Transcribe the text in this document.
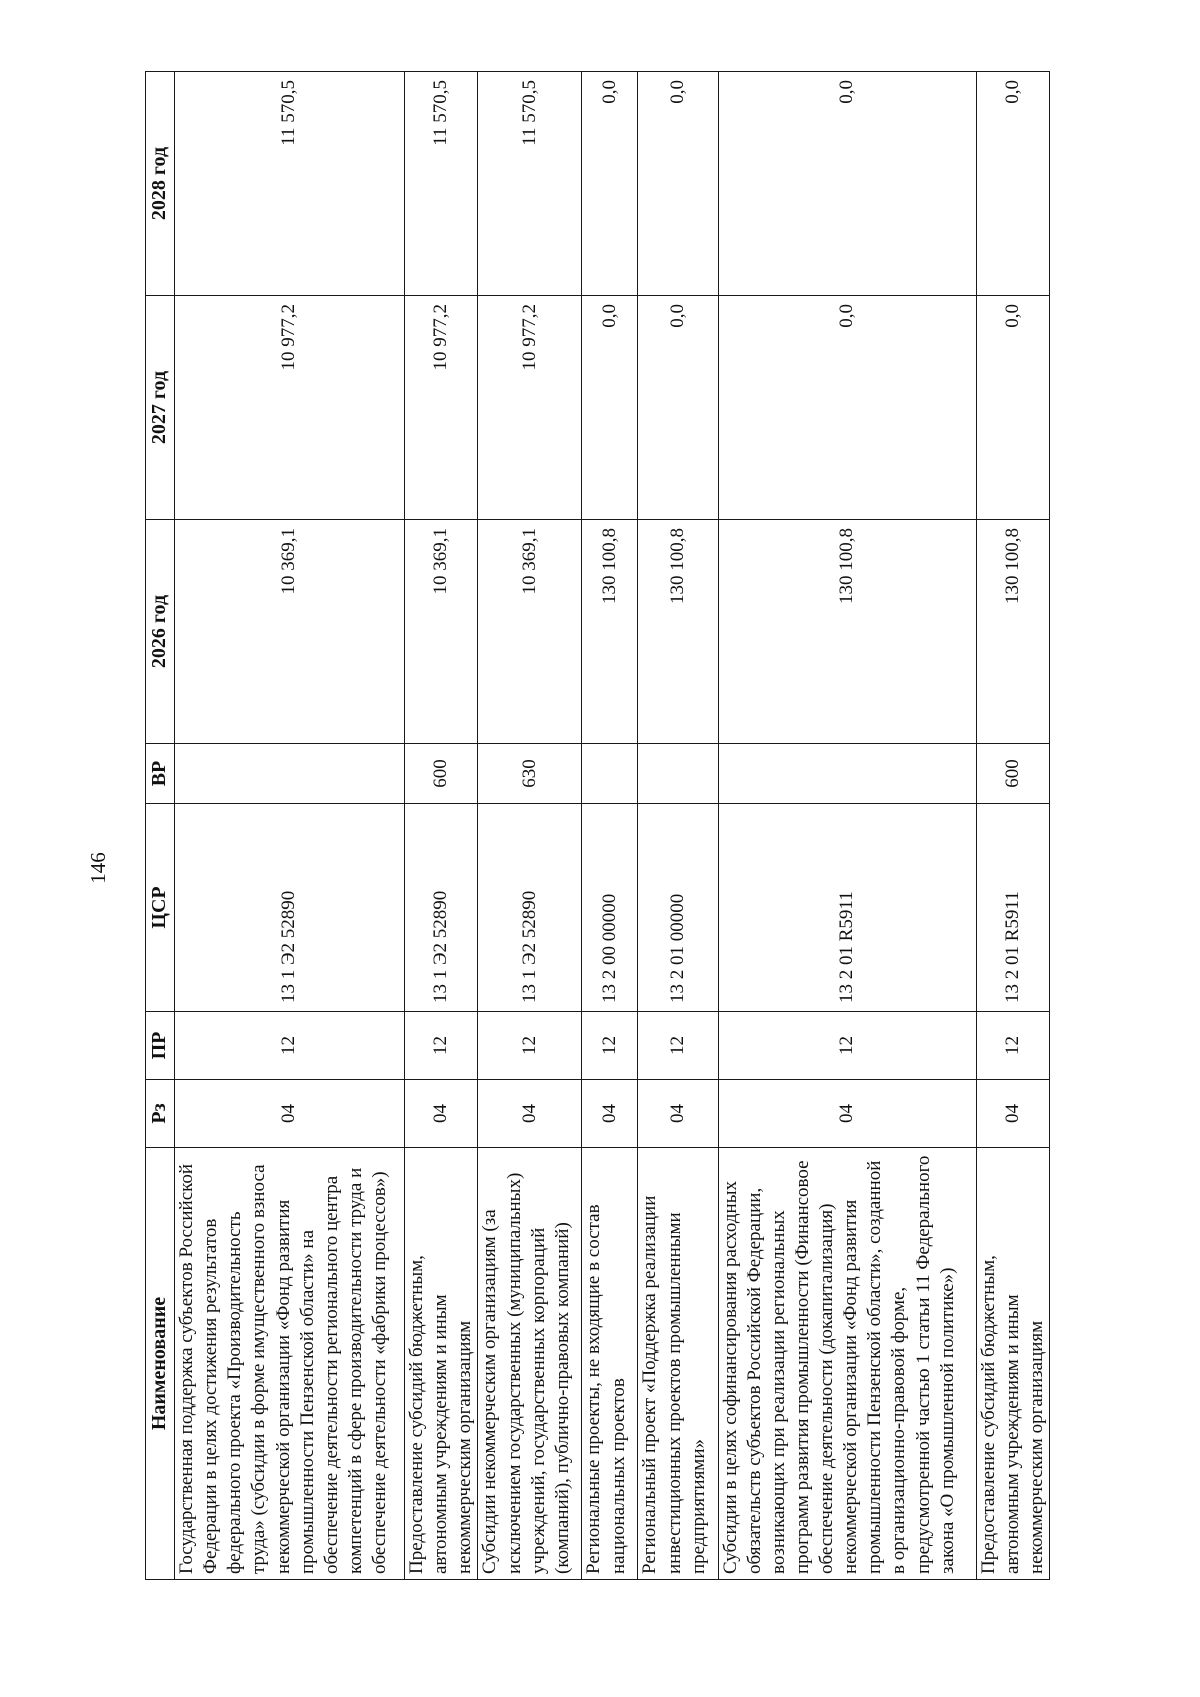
146
Наименование	Рз	ПР	ЦСР	ВР	2026 год	2027 год	2028 год
Государственная поддержка субъектов Российской Федерации в целях достижения результатов федерального проекта «Производительность труда» (субсидии в форме имущественного взноса некоммерческой организации «Фонд развития промышленности Пензенской области» на обеспечение деятельности регионального центра компетенций в сфере производительности труда и обеспечение деятельности «фабрики процессов»)	04	12	13 1 Э2 52890		10 369,1	10 977,2	11 570,5
Предоставление субсидий бюджетным, автономным учреждениям и иным некоммерческим организациям	04	12	13 1 Э2 52890	600	10 369,1	10 977,2	11 570,5
Субсидии некоммерческим организациям (за исключением государственных (муниципальных) учреждений, государственных корпораций (компаний), публично-правовых компаний)	04	12	13 1 Э2 52890	630	10 369,1	10 977,2	11 570,5
Региональные проекты, не входящие в состав национальных проектов	04	12	13 2 00 00000		130 100,8	0,0	0,0
Региональный проект «Поддержка реализации инвестиционных проектов промышленными предприятиями»	04	12	13 2 01 00000		130 100,8	0,0	0,0
Субсидии в целях софинансирования расходных обязательств субъектов Российской Федерации, возникающих при реализации региональных программ развития промышленности (Финансовое обеспечение деятельности (докапитализация) некоммерческой организации «Фонд развития промышленности Пензенской области», созданной в организационно-правовой форме, предусмотренной частью 1 статьи 11 Федерального закона «О промышленной политике»)	04	12	13 2 01 R5911		130 100,8	0,0	0,0
Предоставление субсидий бюджетным, автономным учреждениям и иным некоммерческим организациям	04	12	13 2 01 R5911	600	130 100,8	0,0	0,0
